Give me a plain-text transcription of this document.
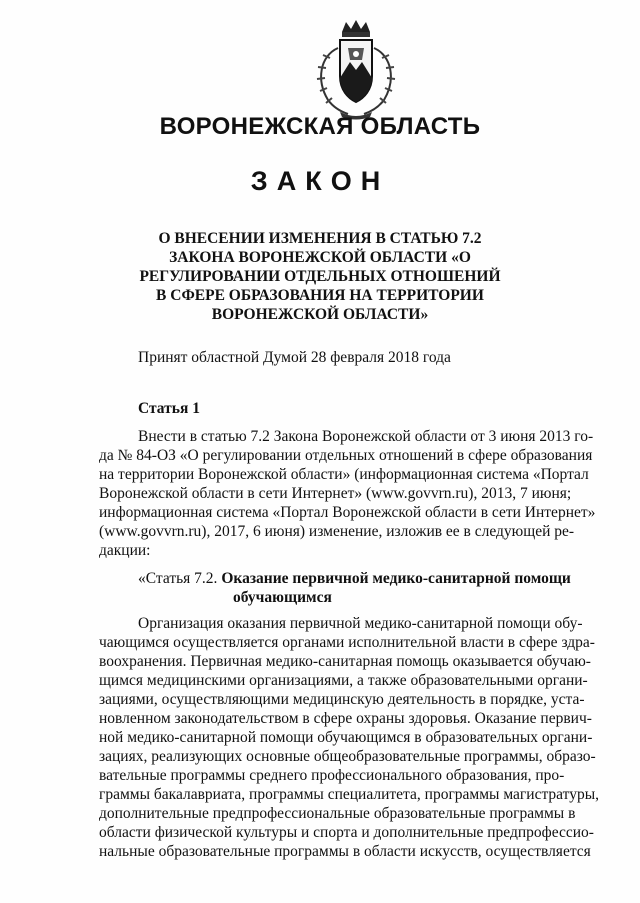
ВОРОНЕЖСКАЯ ОБЛАСТЬ
ЗАКОН
О ВНЕСЕНИИ ИЗМЕНЕНИЯ В СТАТЬЮ 7.2
ЗАКОНА ВОРОНЕЖСКОЙ ОБЛАСТИ «О
РЕГУЛИРОВАНИИ ОТДЕЛЬНЫХ ОТНОШЕНИЙ
В СФЕРЕ ОБРАЗОВАНИЯ НА ТЕРРИТОРИИ
ВОРОНЕЖСКОЙ ОБЛАСТИ»
Принят областной Думой 28 февраля 2018 года
Статья 1
Внести в статью 7.2 Закона Воронежской области от 3 июня 2013 го-
да № 84-ОЗ «О регулировании отдельных отношений в сфере образования
на территории Воронежской области» (информационная система «Портал
Воронежской области в сети Интернет» (www.govvrn.ru), 2013, 7 июня;
информационная система «Портал Воронежской области в сети Интернет»
(www.govvrn.ru), 2017, 6 июня) изменение, изложив ее в следующей ре-
дакции:
«Статья 7.2. Оказание первичной медико-санитарной помощи
обучающимся
Организация оказания первичной медико-санитарной помощи обу-
чающимся осуществляется органами исполнительной власти в сфере здра-
воохранения. Первичная медико-санитарная помощь оказывается обучаю-
щимся медицинскими организациями, а также образовательными органи-
зациями, осуществляющими медицинскую деятельность в порядке, уста-
новленном законодательством в сфере охраны здоровья. Оказание первич-
ной медико-санитарной помощи обучающимся в образовательных органи-
зациях, реализующих основные общеобразовательные программы, образо-
вательные программы среднего профессионального образования, про-
граммы бакалавриата, программы специалитета, программы магистратуры,
дополнительные предпрофессиональные образовательные программы в
области физической культуры и спорта и дополнительные предпрофессио-
нальные образовательные программы в области искусств, осуществляется
